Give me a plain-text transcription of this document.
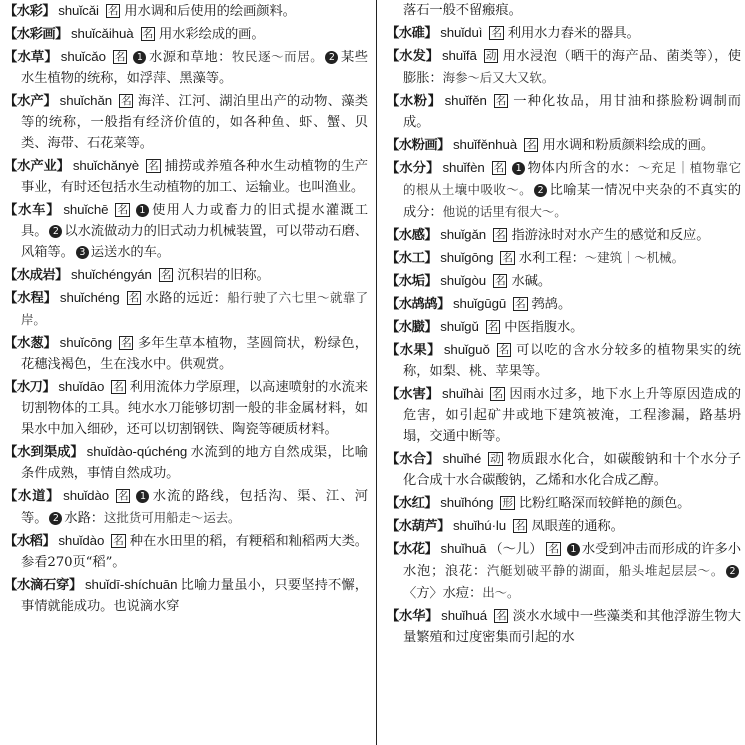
【水彩】 shuǐcǎi 名 用水调和后使用的绘画颜料。

【水彩画】 shuǐcǎihuà 名 用水彩绘成的画。

【水草】 shuǐcǎo 名 1 水源和草地：牧民逐～而居。 2 某些水生植物的统称，如浮萍、黑藻等。

【水产】 shuǐchǎn 名 海洋、江河、湖泊里出产的动物、藻类等的统称，一般指有经济价值的，如各种鱼、虾、蟹、贝类、海带、石花菜等。

【水产业】 shuǐchǎnyè 名 捕捞或养殖各种水生动植物的生产事业，有时还包括水生动植物的加工、运输业。也叫渔业。

【水车】 shuǐchē 名 1 使用人力或畜力的旧式提水灌溉工具。 2 以水流做动力的旧式动力机械装置，可以带动石磨、风箱等。 3 运送水的车。

【水成岩】 shuǐchéngyán 名 沉积岩的旧称。

【水程】 shuǐchéng 名 水路的远近：船行驶了六七里～就靠了岸。

【水葱】 shuǐcōng 名 多年生草本植物，茎圆筒状，粉绿色，花穗浅褐色，生在浅水中。供观赏。

【水刀】 shuǐdāo 名 利用流体力学原理，以高速喷射的水流来切割物体的工具。纯水水刀能够切割一般的非金属材料，如果水中加入细砂，还可以切割钢铁、陶瓷等硬质材料。

【水到渠成】 shuǐdào-qúchéng 水流到的地方自然成渠，比喻条件成熟，事情自然成功。

【水道】 shuǐdào 名 1 水流的路线，包括沟、渠、江、河等。 2 水路：这批货可用船走～运去。

【水稻】 shuǐdào 名 种在水田里的稻，有粳稻和籼稻两大类。参看270页“稻”。

【水滴石穿】 shuǐdī-shíchuān 比喻力量虽小，只要坚持不懈，事情就能成功。也说滴水穿

落石一般不留瘢痕。

【水碓】 shuǐduì 名 利用水力舂米的器具。

【水发】 shuǐfā 动 用水浸泡（晒干的海产品、菌类等），使膨胀：海参～后又大又软。

【水粉】 shuǐfěn 名 一种化妆品，用甘油和搽脸粉调制而成。

【水粉画】 shuǐfěnhuà 名 用水调和粉质颜料绘成的画。

【水分】 shuǐfèn 名 1 物体内所含的水：～充足｜植物靠它的根从土壤中吸收～。 2 比喻某一情况中夹杂的不真实的成分：他说的话里有很大～。

【水感】 shuǐgǎn 名 指游泳时对水产生的感觉和反应。

【水工】 shuǐgōng 名 水利工程：～建筑｜～机械。

【水垢】 shuǐgòu 名 水碱。

【水鸪鸪】 shuǐgūgū 名 鹁鸪。

【水臌】 shuǐgǔ 名 中医指腹水。

【水果】 shuǐguǒ 名 可以吃的含水分较多的植物果实的统称，如梨、桃、苹果等。

【水害】 shuǐhài 名 因雨水过多，地下水上升等原因造成的危害，如引起矿井或地下建筑被淹，工程渗漏，路基坍塌，交通中断等。

【水合】 shuǐhé 动 物质跟水化合，如碳酸钠和十个水分子化合成十水合碳酸钠，乙烯和水化合成乙醇。

【水红】 shuǐhóng 形 比粉红略深而较鲜艳的颜色。

【水葫芦】 shuǐhú·lu 名 凤眼莲的通称。

【水花】 shuǐhuā （～儿） 名 1 水受到冲击而形成的许多小水泡；浪花：汽艇划破平静的湖面，船头堆起层层～。 2〈方〉水痘：出～。

【水华】 shuǐhuá 名 淡水水域中一些藻类和其他浮游生物大量繁殖和过度密集而引起的水
